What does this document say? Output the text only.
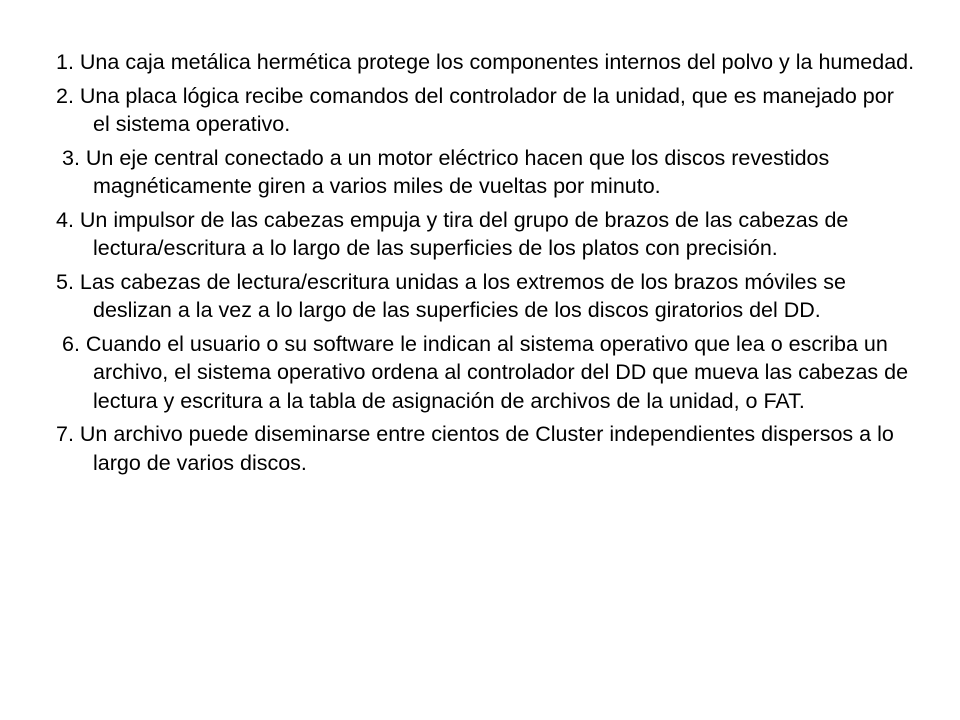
1. Una caja metálica hermética protege los componentes internos del polvo y la humedad.

2. Una placa lógica recibe comandos del controlador de la unidad, que es manejado por el sistema operativo.

3. Un eje central conectado a un motor eléctrico hacen que los discos revestidos magnéticamente giren a varios miles de vueltas por minuto.

4. Un impulsor de las cabezas empuja y tira del grupo de brazos de las cabezas de lectura/escritura a lo largo de las superficies de los platos con precisión.

5. Las cabezas de lectura/escritura unidas a los extremos de los brazos móviles se deslizan a la vez a lo largo de las superficies de los discos giratorios del DD.

6. Cuando el usuario o su software le indican al sistema operativo que lea o escriba un archivo, el sistema operativo ordena al controlador del DD que mueva las cabezas de lectura y escritura a la tabla de asignación de archivos de la unidad, o FAT.

7. Un archivo puede diseminarse entre cientos de Cluster independientes dispersos a lo largo de varios discos.
